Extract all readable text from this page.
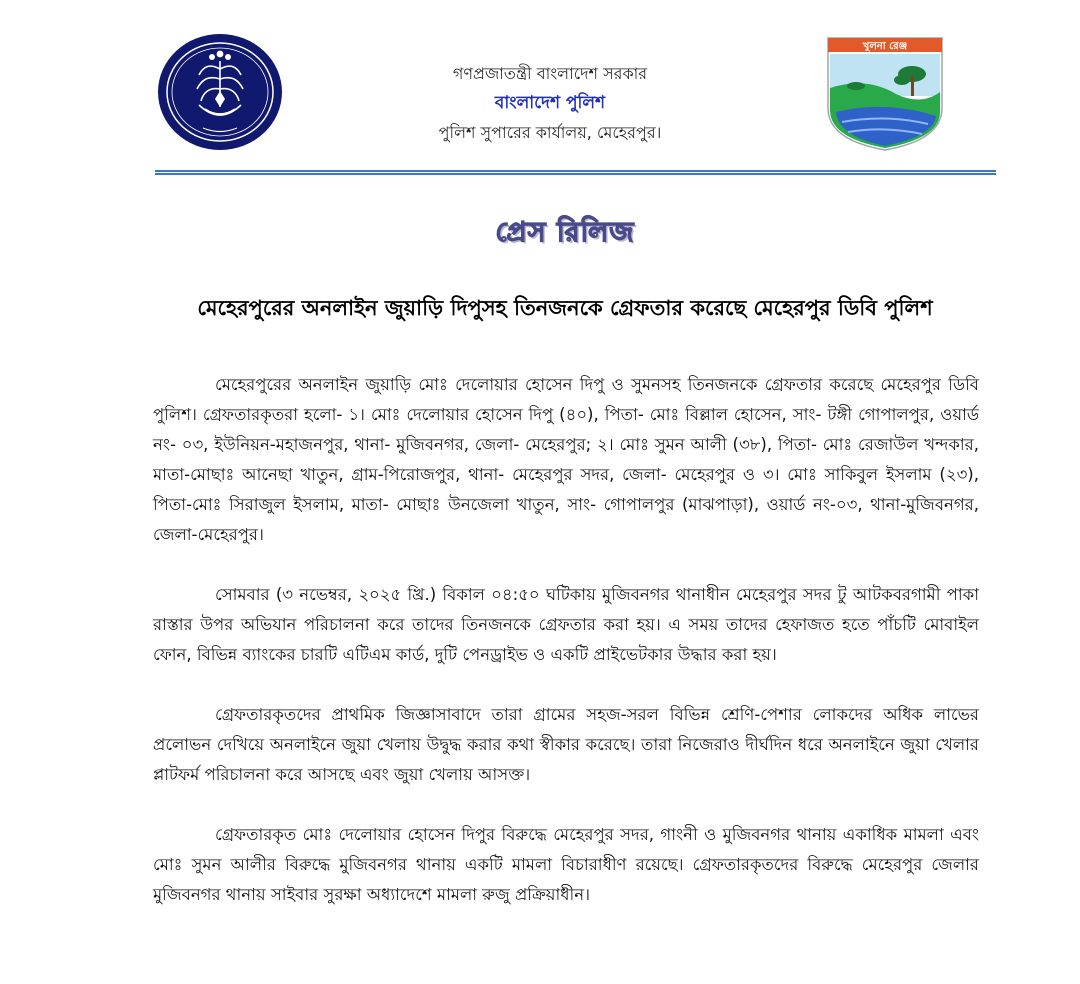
গণপ্রজাতন্ত্রী বাংলাদেশ সরকার
বাংলাদেশ পুলিশ
পুলিশ সুপারের কার্যালয়, মেহেরপুর।
খুলনা রেঞ্জ
প্রেস রিলিজ
মেহেরপুরের অনলাইন জুয়াড়ি দিপুসহ তিনজনকে গ্রেফতার করেছে মেহেরপুর ডিবি পুলিশ

মেহেরপুরের অনলাইন জুয়াড়ি মোঃ দেলোয়ার হোসেন দিপু ও সুমনসহ তিনজনকে গ্রেফতার করেছে মেহেরপুর ডিবি পুলিশ। গ্রেফতারকৃতরা হলো- ১। মোঃ দেলোয়ার হোসেন দিপু (৪০), পিতা- মোঃ বিল্লাল হোসেন, সাং- টঙ্গী গোপালপুর, ওয়ার্ড নং- ০৩, ইউনিয়ন-মহাজনপুর, থানা- মুজিবনগর, জেলা- মেহেরপুর; ২। মোঃ সুমন আলী (৩৮), পিতা- মোঃ রেজাউল খন্দকার, মাতা-মোছাঃ আনেছা খাতুন, গ্রাম-পিরোজপুর, থানা- মেহেরপুর সদর, জেলা- মেহেরপুর ও ৩। মোঃ সাকিবুল ইসলাম (২৩), পিতা-মোঃ সিরাজুল ইসলাম, মাতা- মোছাঃ উনজেলা খাতুন, সাং- গোপালপুর (মাঝপাড়া), ওয়ার্ড নং-০৩, থানা-মুজিবনগর, জেলা-মেহেরপুর।

সোমবার (৩ নভেম্বর, ২০২৫ খ্রি.) বিকাল ০৪:৫০ ঘটিকায় মুজিবনগর থানাধীন মেহেরপুর সদর টু আটকবরগামী পাকা রাস্তার উপর অভিযান পরিচালনা করে তাদের তিনজনকে গ্রেফতার করা হয়। এ সময় তাদের হেফাজত হতে পাঁচটি মোবাইল ফোন, বিভিন্ন ব্যাংকের চারটি এটিএম কার্ড, দুটি পেনড্রাইভ ও একটি প্রাইভেটকার উদ্ধার করা হয়।

গ্রেফতারকৃতদের প্রাথমিক জিজ্ঞাসাবাদে তারা গ্রামের সহজ-সরল বিভিন্ন শ্রেণি-পেশার লোকদের অধিক লাভের প্রলোভন দেখিয়ে অনলাইনে জুয়া খেলায় উদ্বুদ্ধ করার কথা স্বীকার করেছে। তারা নিজেরাও দীর্ঘদিন ধরে অনলাইনে জুয়া খেলার প্লাটফর্ম পরিচালনা করে আসছে এবং জুয়া খেলায় আসক্ত।

গ্রেফতারকৃত মোঃ দেলোয়ার হোসেন দিপুর বিরুদ্ধে মেহেরপুর সদর, গাংনী ও মুজিবনগর থানায় একাধিক মামলা এবং মোঃ সুমন আলীর বিরুদ্ধে মুজিবনগর থানায় একটি মামলা বিচারাধীণ রয়েছে। গ্রেফতারকৃতদের বিরুদ্ধে মেহেরপুর জেলার মুজিবনগর থানায় সাইবার সুরক্ষা অধ্যাদেশে মামলা রুজু প্রক্রিয়াধীন।
